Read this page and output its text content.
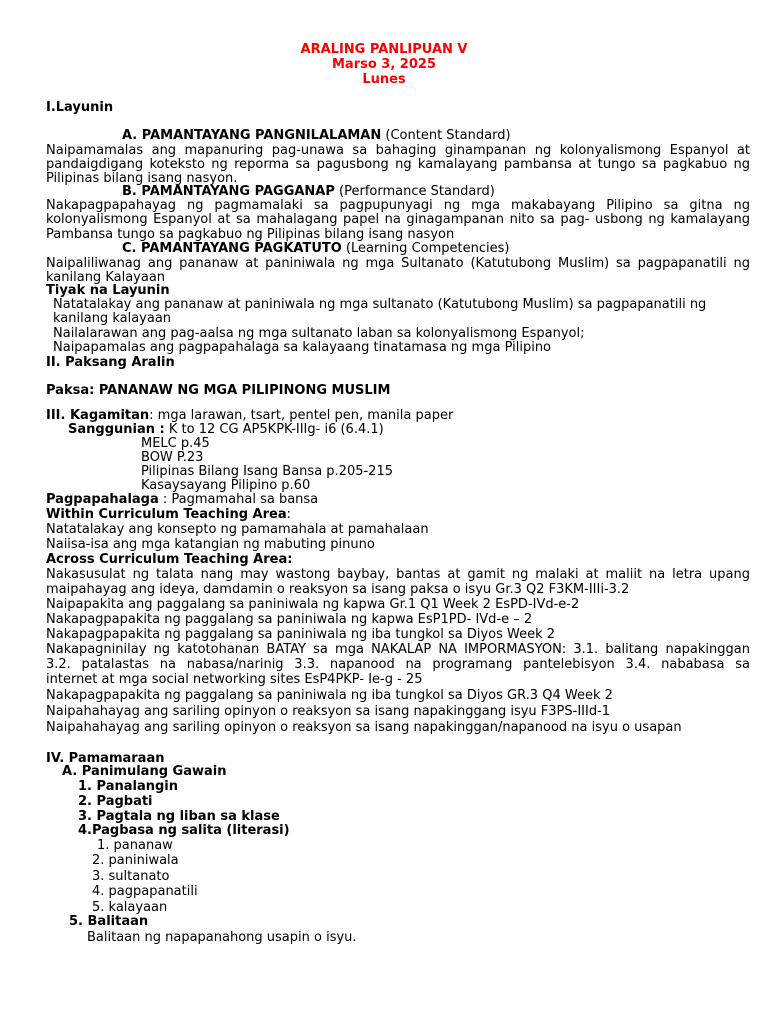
ARALING PANLIPUAN V
Marso 3, 2025
Lunes
I.Layunin
A. PAMANTAYANG PANGNILALAMAN (Content Standard)
Naipamamalas ang mapanuring pag-unawa sa bahaging ginampanan ng kolonyalismong Espanyol at
pandaigdigang koteksto ng reporma sa pagusbong ng kamalayang pambansa at tungo sa pagkabuo ng
Pilipinas bilang isang nasyon.
B. PAMANTAYANG PAGGANAP (Performance Standard)
Nakapagpapahayag ng pagmamalaki sa pagpupunyagi ng mga makabayang Pilipino sa gitna ng
kolonyalismong Espanyol at sa mahalagang papel na ginagampanan nito sa pag- usbong ng kamalayang
Pambansa tungo sa pagkabuo ng Pilipinas bilang isang nasyon
C. PAMANTAYANG PAGKATUTO (Learning Competencies)
Naipaliliwanag ang pananaw at paniniwala ng mga Sultanato (Katutubong Muslim) sa pagpapanatili ng
kanilang Kalayaan
Tiyak na Layunin
Natatalakay ang pananaw at paniniwala ng mga sultanato (Katutubong Muslim) sa pagpapanatili ng
kanilang kalayaan
Nailalarawan ang pag-aalsa ng mga sultanato laban sa kolonyalismong Espanyol;
Naipapamalas ang pagpapahalaga sa kalayaang tinatamasa ng mga Pilipino
II. Paksang Aralin
Paksa: PANANAW NG MGA PILIPINONG MUSLIM
III. Kagamitan: mga larawan, tsart, pentel pen, manila paper
Sanggunian : K to 12 CG AP5KPK-IIIg- i6 (6.4.1)
MELC p.45
BOW P.23
Pilipinas Bilang Isang Bansa p.205-215
Kasaysayang Pilipino p.60
Pagpapahalaga : Pagmamahal sa bansa
Within Curriculum Teaching Area:
Natatalakay ang konsepto ng pamamahala at pamahalaan
Naiisa-isa ang mga katangian ng mabuting pinuno
Across Curriculum Teaching Area:
Nakasusulat ng talata nang may wastong baybay, bantas at gamit ng malaki at maliit na letra upang
maipahayag ang ideya, damdamin o reaksyon sa isang paksa o isyu Gr.3 Q2 F3KM-IIIi-3.2
Naipapakita ang paggalang sa paniniwala ng kapwa Gr.1 Q1 Week 2 EsPD-IVd-e-2
Nakapagpapakita ng paggalang sa paniniwala ng kapwa EsP1PD- IVd-e – 2
Nakapagpapakita ng paggalang sa paniniwala ng iba tungkol sa Diyos Week 2
Nakapagninilay ng katotohanan BATAY sa mga NAKALAP NA IMPORMASYON: 3.1. balitang napakinggan
3.2. patalastas na nabasa/narinig 3.3. napanood na programang pantelebisyon 3.4. nababasa sa
internet at mga social networking sites EsP4PKP- Ie-g - 25
Nakapagpapakita ng paggalang sa paniniwala ng iba tungkol sa Diyos GR.3 Q4 Week 2
Naipahahayag ang sariling opinyon o reaksyon sa isang napakinggang isyu F3PS-IIId-1
Naipahahayag ang sariling opinyon o reaksyon sa isang napakinggan/napanood na isyu o usapan
IV. Pamamaraan
A. Panimulang Gawain
1. Panalangin
2. Pagbati
3. Pagtala ng liban sa klase
4.Pagbasa ng salita (literasi)
1. pananaw
2. paniniwala
3. sultanato
4. pagpapanatili
5. kalayaan
5. Balitaan
Balitaan ng napapanahong usapin o isyu.
